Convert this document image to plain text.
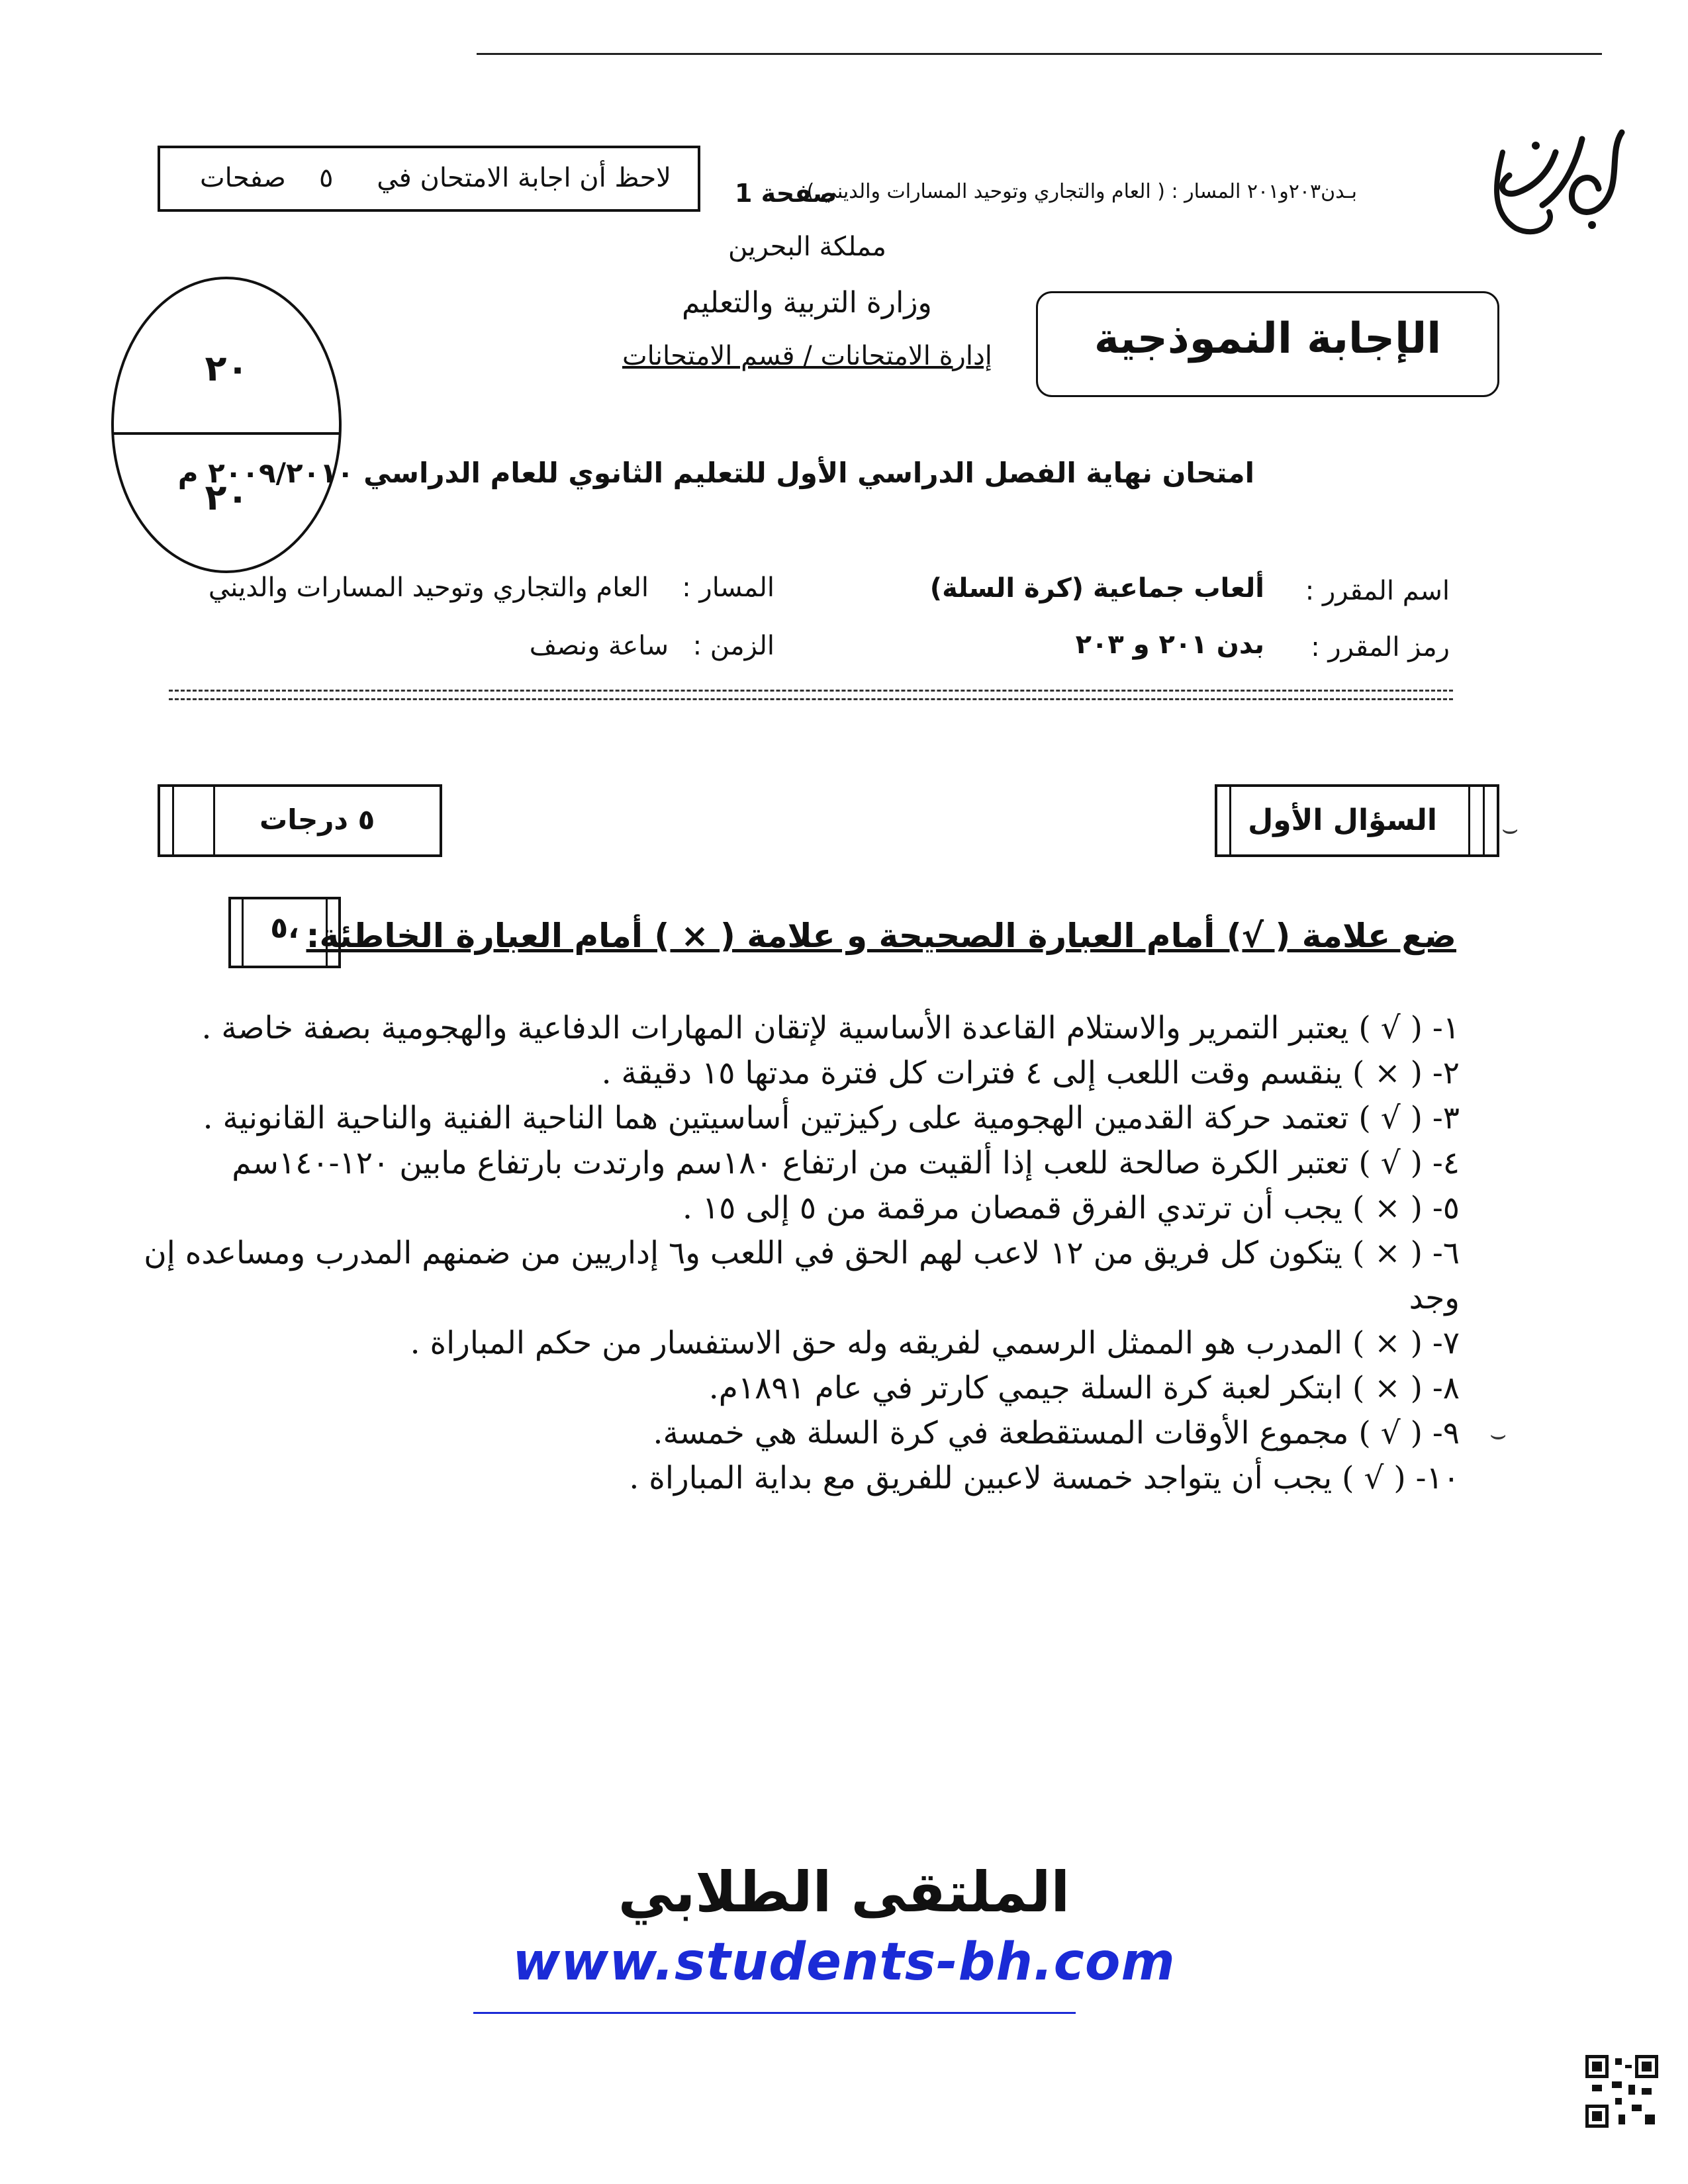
بـدن٢٠٣و٢٠١ المسار : ( العام والتجاري وتوحيد المسارات والديني )
لاحظ أن اجابة الامتحان في
٥
صفحات	صفحة 1
مملكة البحرين
وزارة التربية والتعليم
إدارة الامتحانات / قسم الامتحانات	الإجابة النموذجية
٢٠
٢٠
امتحان نهاية الفصل الدراسي الأول للتعليم الثانوي للعام الدراسي ٢٠٠٩/٢٠١٠ م
اسم المقرر :
ألعاب جماعية (كرة السلة)
رمز المقرر :
بدن ٢٠١ و ٢٠٣
المسار :
العام والتجاري وتوحيد المسارات والديني
الزمن :
ساعة ونصف
السؤال الأول ⌣
٥ درجات
٥، ضع علامة ( √) أمام العبارة الصحيحة و علامة ( × ) أمام العبارة الخاطئة:
١- ( √ ) يعتبر التمرير والاستلام القاعدة الأساسية لإتقان المهارات الدفاعية والهجومية بصفة خاصة .
٢- ( × ) ينقسم وقت اللعب إلى ٤ فترات كل فترة مدتها ١٥ دقيقة .
٣- ( √ ) تعتمد حركة القدمين الهجومية على ركيزتين أساسيتين هما الناحية الفنية والناحية القانونية .
٤- ( √ ) تعتبر الكرة صالحة للعب إذا ألقيت من ارتفاع ١٨٠سم وارتدت بارتفاع مابين ١٢٠-١٤٠سم
٥- ( × ) يجب أن ترتدي الفرق قمصان مرقمة من ٥ إلى ١٥ .
٦- ( × ) يتكون كل فريق من ١٢ لاعب لهم الحق في اللعب و٦ إداريين من ضمنهم المدرب ومساعده إن وجد
٧- ( × ) المدرب هو الممثل الرسمي لفريقه وله حق الاستفسار من حكم المباراة .
٨- ( × ) ابتكر لعبة كرة السلة جيمي كارتر في عام ١٨٩١م.
٩- ( √ ) مجموع الأوقات المستقطعة في كرة السلة هي خمسة.
١٠- ( √ ) يجب أن يتواجد خمسة لاعبين للفريق مع بداية المباراة .
⌣
الملتقى الطلابي
www.students-bh.com
